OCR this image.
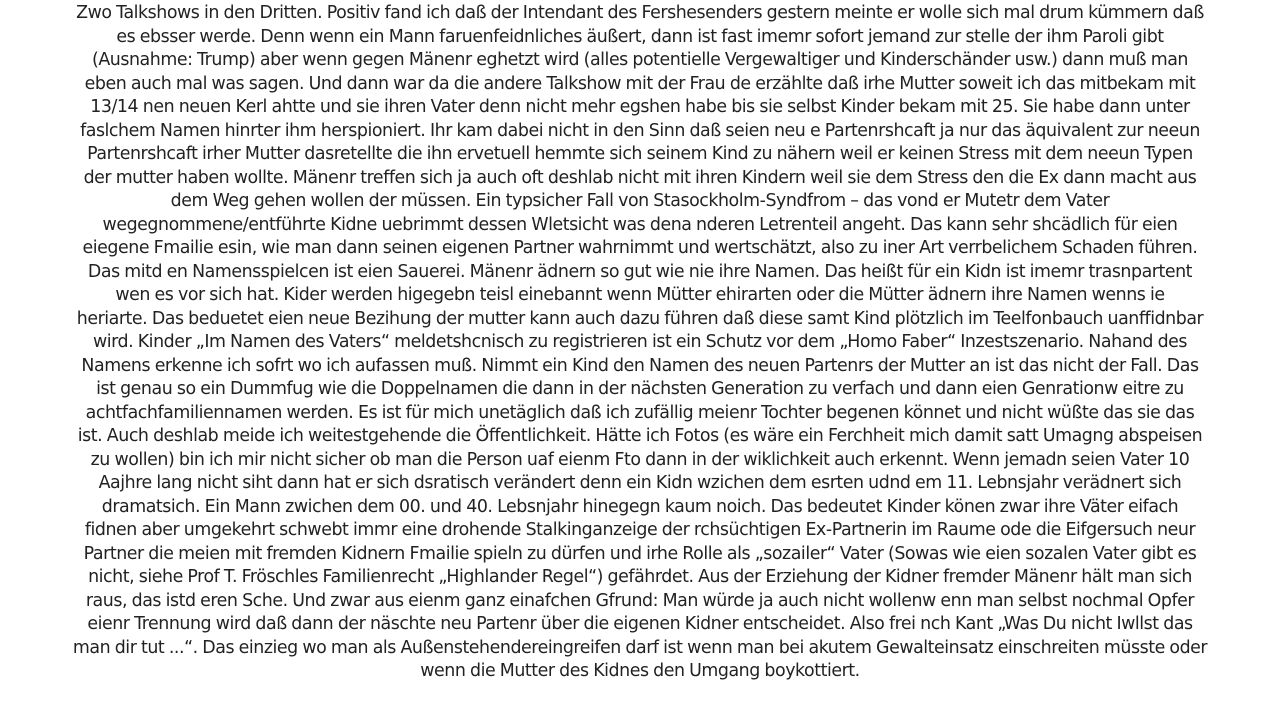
Zwo Talkshows in den Dritten. Positiv fand ich daß der Intendant des Fershesenders gestern meinte er wolle sich mal drum kümmern daß
es ebsser werde. Denn wenn ein Mann faruenfeidnliches äußert, dann ist fast imemr sofort jemand zur stelle der ihm Paroli gibt
(Ausnahme: Trump) aber wenn gegen Mänenr eghetzt wird (alles potentielle Vergewaltiger und Kinderschänder usw.) dann muß man
eben auch mal was sagen. Und dann war da die andere Talkshow mit der Frau de erzählte daß irhe Mutter soweit ich das mitbekam mit
13/14 nen neuen Kerl ahtte und sie ihren Vater denn nicht mehr egshen habe bis sie selbst Kinder bekam mit 25. Sie habe dann unter
faslchem Namen hinrter ihm herspioniert. Ihr kam dabei nicht in den Sinn daß seien neu e Partenrshcaft ja nur das äquivalent zur neeun
Partenrshcaft irher Mutter dasretellte die ihn ervetuell hemmte sich seinem Kind zu nähern weil er keinen Stress mit dem neeun Typen
der mutter haben wollte. Mänenr treffen sich ja auch oft deshlab nicht mit ihren Kindern weil sie dem Stress den die Ex dann macht aus
dem Weg gehen wollen der müssen. Ein typsicher Fall von Stasockholm-Syndfrom – das vond er Mutetr dem Vater
wegegnommene/entführte Kidne uebrimmt dessen Wletsicht was dena nderen Letrenteil angeht. Das kann sehr shcädlich für eien
eiegene Fmailie esin, wie man dann seinen eigenen Partner wahrnimmt und wertschätzt, also zu iner Art verrbelichem Schaden führen.
Das mitd en Namensspielcen ist eien Sauerei. Mänenr ädnern so gut wie nie ihre Namen. Das heißt für ein Kidn ist imemr trasnpartent
wen es vor sich hat. Kider werden higegebn teisl einebannt wenn Mütter ehirarten oder die Mütter ädnern ihre Namen wenns ie
heriarte. Das beduetet eien neue Bezihung der mutter kann auch dazu führen daß diese samt Kind plötzlich im Teelfonbauch uanffidnbar
wird. Kinder „Im Namen des Vaters“ meldetshcnisch zu registrieren ist ein Schutz vor dem „Homo Faber“ Inzestszenario. Nahand des
Namens erkenne ich sofrt wo ich aufassen muß. Nimmt ein Kind den Namen des neuen Partenrs der Mutter an ist das nicht der Fall. Das
ist genau so ein Dummfug wie die Doppelnamen die dann in der nächsten Generation zu verfach und dann eien Genrationw eitre zu
achtfachfamiliennamen werden. Es ist für mich unetäglich daß ich zufällig meienr Tochter begenen könnet und nicht wüßte das sie das
ist. Auch deshlab meide ich weitestgehende die Öffentlichkeit. Hätte ich Fotos (es wäre ein Ferchheit mich damit satt Umagng abspeisen
zu wollen) bin ich mir nicht sicher ob man die Person uaf eienm Fto dann in der wiklichkeit auch erkennt. Wenn jemadn seien Vater 10
Aajhre lang nicht siht dann hat er sich dsratisch verändert denn ein Kidn wzichen dem esrten udnd em 11. Lebnsjahr verädnert sich
dramatsich. Ein Mann zwichen dem 00. und 40. Lebsnjahr hinegegn kaum noich. Das bedeutet Kinder könen zwar ihre Väter eifach
fidnen aber umgekehrt schwebt immr eine drohende Stalkinganzeige der rchsüchtigen Ex-Partnerin im Raume ode die Eifgersuch neur
Partner die meien mit fremden Kidnern Fmailie spieln zu dürfen und irhe Rolle als „sozailer“ Vater (Sowas wie eien sozalen Vater gibt es
nicht, siehe Prof T. Fröschles Familienrecht „Highlander Regel“) gefährdet. Aus der Erziehung der Kidner fremder Mänenr hält man sich
raus, das istd eren Sche. Und zwar aus eienm ganz einafchen Gfrund: Man würde ja auch nicht wollenw enn man selbst nochmal Opfer
eienr Trennung wird daß dann der näschte neu Partenr über die eigenen Kidner entscheidet. Also frei nch Kant „Was Du nicht Iwllst das
man dir tut ...“. Das einzieg wo man als Außenstehendereingreifen darf ist wenn man bei akutem Gewalteinsatz einschreiten müsste oder
wenn die Mutter des Kidnes den Umgang boykottiert.
